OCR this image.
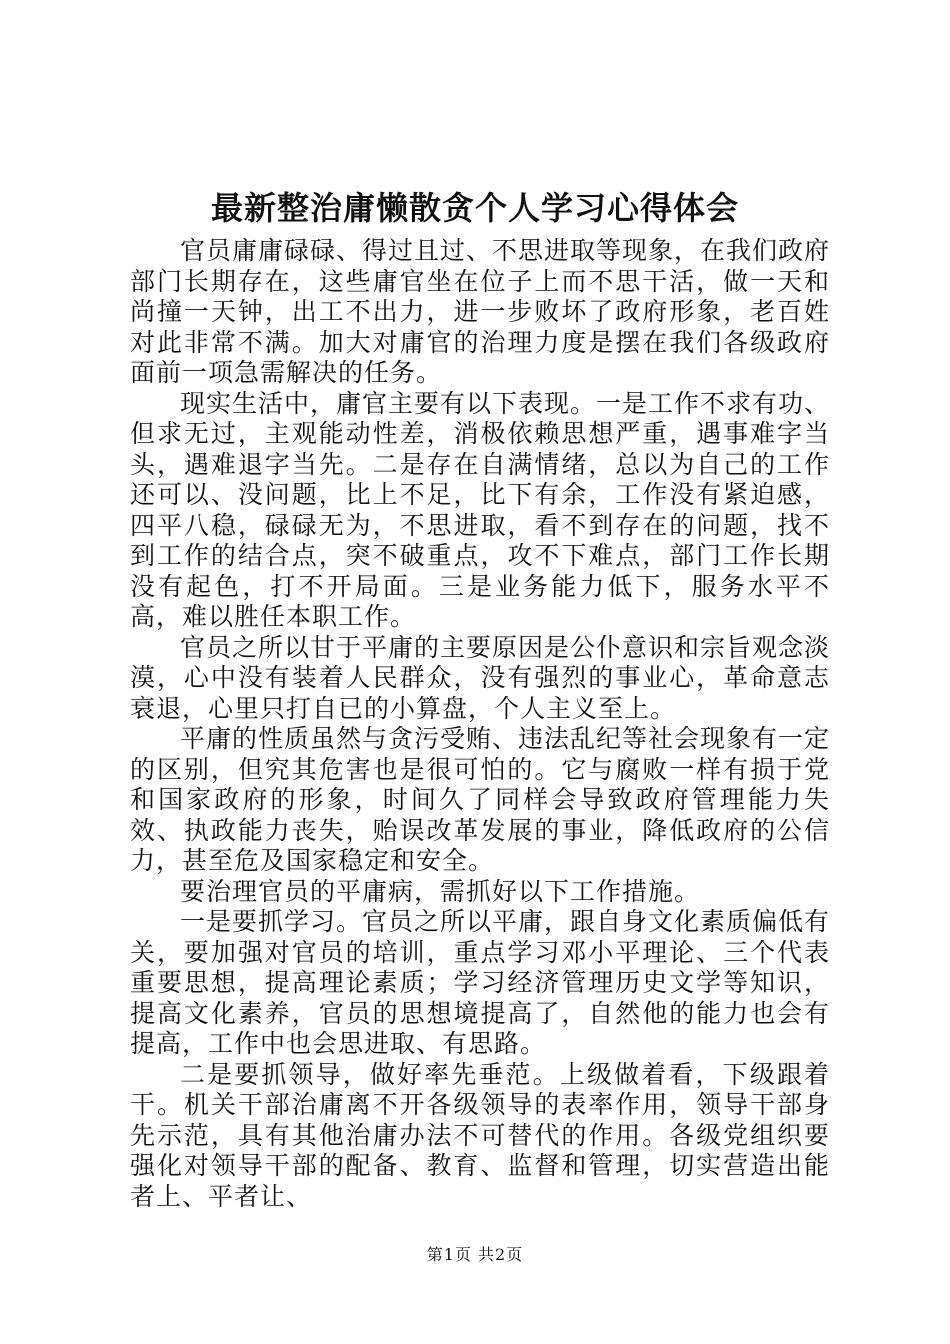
最新整治庸懒散贪个人学习心得体会

官员庸庸碌碌、得过且过、不思进取等现象，在我们政府部门长期存在，这些庸官坐在位子上而不思干活，做一天和尚撞一天钟，出工不出力，进一步败坏了政府形象，老百姓对此非常不满。加大对庸官的治理力度是摆在我们各级政府面前一项急需解决的任务。

现实生活中，庸官主要有以下表现。一是工作不求有功、但求无过，主观能动性差，消极依赖思想严重，遇事难字当头，遇难退字当先。二是存在自满情绪，总以为自己的工作还可以、没问题，比上不足，比下有余，工作没有紧迫感，四平八稳，碌碌无为，不思进取，看不到存在的问题，找不到工作的结合点，突不破重点，攻不下难点，部门工作长期没有起色，打不开局面。三是业务能力低下，服务水平不高，难以胜任本职工作。

官员之所以甘于平庸的主要原因是公仆意识和宗旨观念淡漠，心中没有装着人民群众，没有强烈的事业心，革命意志衰退，心里只打自已的小算盘，个人主义至上。

平庸的性质虽然与贪污受贿、违法乱纪等社会现象有一定的区别，但究其危害也是很可怕的。它与腐败一样有损于党和国家政府的形象，时间久了同样会导致政府管理能力失效、执政能力丧失，贻误改革发展的事业，降低政府的公信力，甚至危及国家稳定和安全。

要治理官员的平庸病，需抓好以下工作措施。

一是要抓学习。官员之所以平庸，跟自身文化素质偏低有关，要加强对官员的培训，重点学习邓小平理论、三个代表重要思想，提高理论素质；学习经济管理历史文学等知识，提高文化素养，官员的思想境提高了，自然他的能力也会有提高，工作中也会思进取、有思路。

二是要抓领导，做好率先垂范。上级做着看，下级跟着干。机关干部治庸离不开各级领导的表率作用，领导干部身先示范，具有其他治庸办法不可替代的作用。各级党组织要强化对领导干部的配备、教育、监督和管理，切实营造出能者上、平者让、

第1页 共2页
